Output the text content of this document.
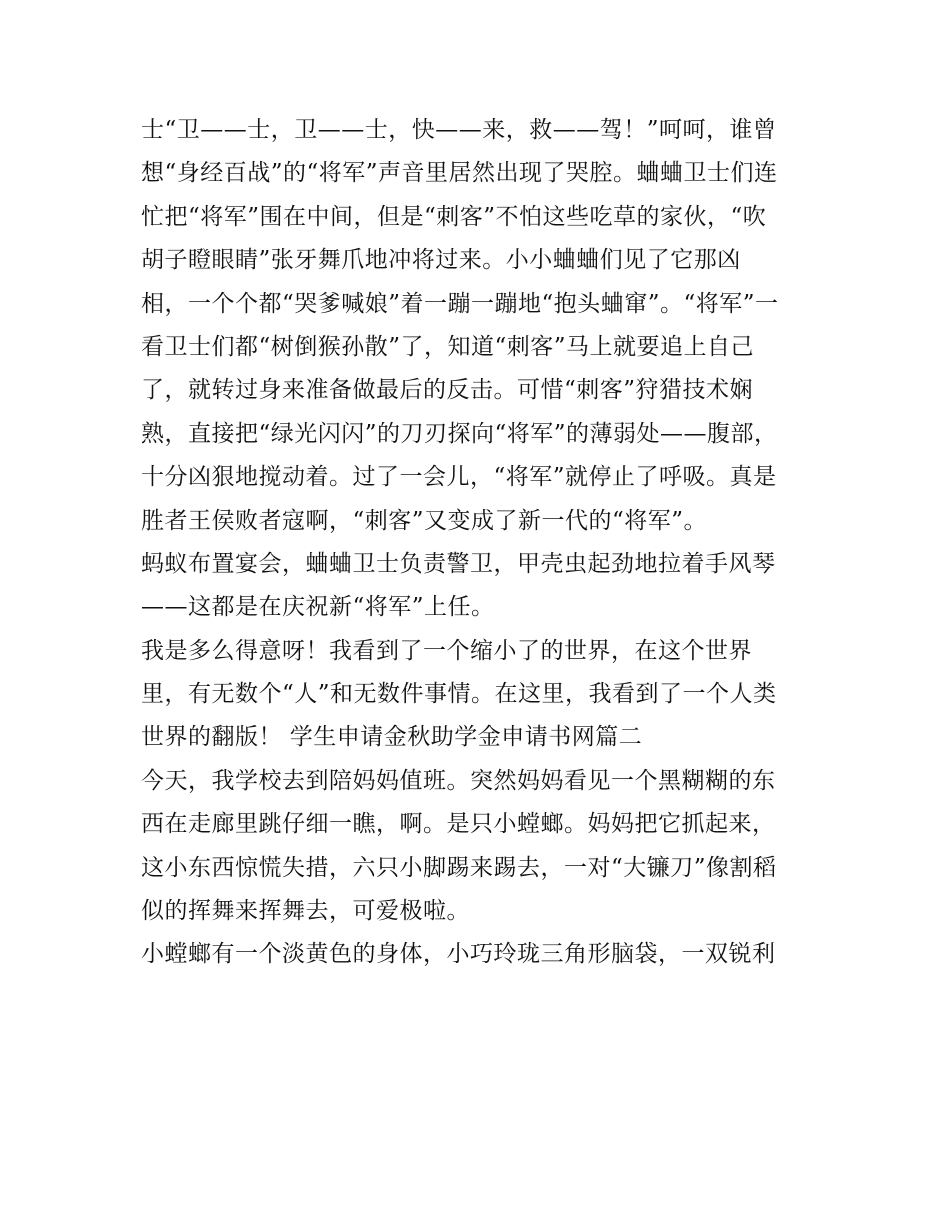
士“卫——士，卫——士，快——来，救——驾！”呵呵，谁曾
想“身经百战”的“将军”声音里居然出现了哭腔。蛐蛐卫士们连
忙把“将军”围在中间，但是“刺客”不怕这些吃草的家伙，“吹
胡子瞪眼睛”张牙舞爪地冲将过来。小小蛐蛐们见了它那凶
相，一个个都“哭爹喊娘”着一蹦一蹦地“抱头蛐窜”。“将军”一
看卫士们都“树倒猴孙散”了，知道“刺客”马上就要追上自己
了，就转过身来准备做最后的反击。可惜“刺客”狩猎技术娴
熟，直接把“绿光闪闪”的刀刃探向“将军”的薄弱处——腹部，
十分凶狠地搅动着。过了一会儿，“将军”就停止了呼吸。真是
胜者王侯败者寇啊，“刺客”又变成了新一代的“将军”。
蚂蚁布置宴会，蛐蛐卫士负责警卫，甲壳虫起劲地拉着手风琴
——这都是在庆祝新“将军”上任。
我是多么得意呀！我看到了一个缩小了的世界，在这个世界
里，有无数个“人”和无数件事情。在这里，我看到了一个人类
世界的翻版！ 学生申请金秋助学金申请书网篇二
今天，我学校去到陪妈妈值班。突然妈妈看见一个黑糊糊的东
西在走廊里跳仔细一瞧，啊。是只小螳螂。妈妈把它抓起来，
这小东西惊慌失措，六只小脚踢来踢去，一对“大镰刀”像割稻
似的挥舞来挥舞去，可爱极啦。
小螳螂有一个淡黄色的身体，小巧玲珑三角形脑袋，一双锐利
